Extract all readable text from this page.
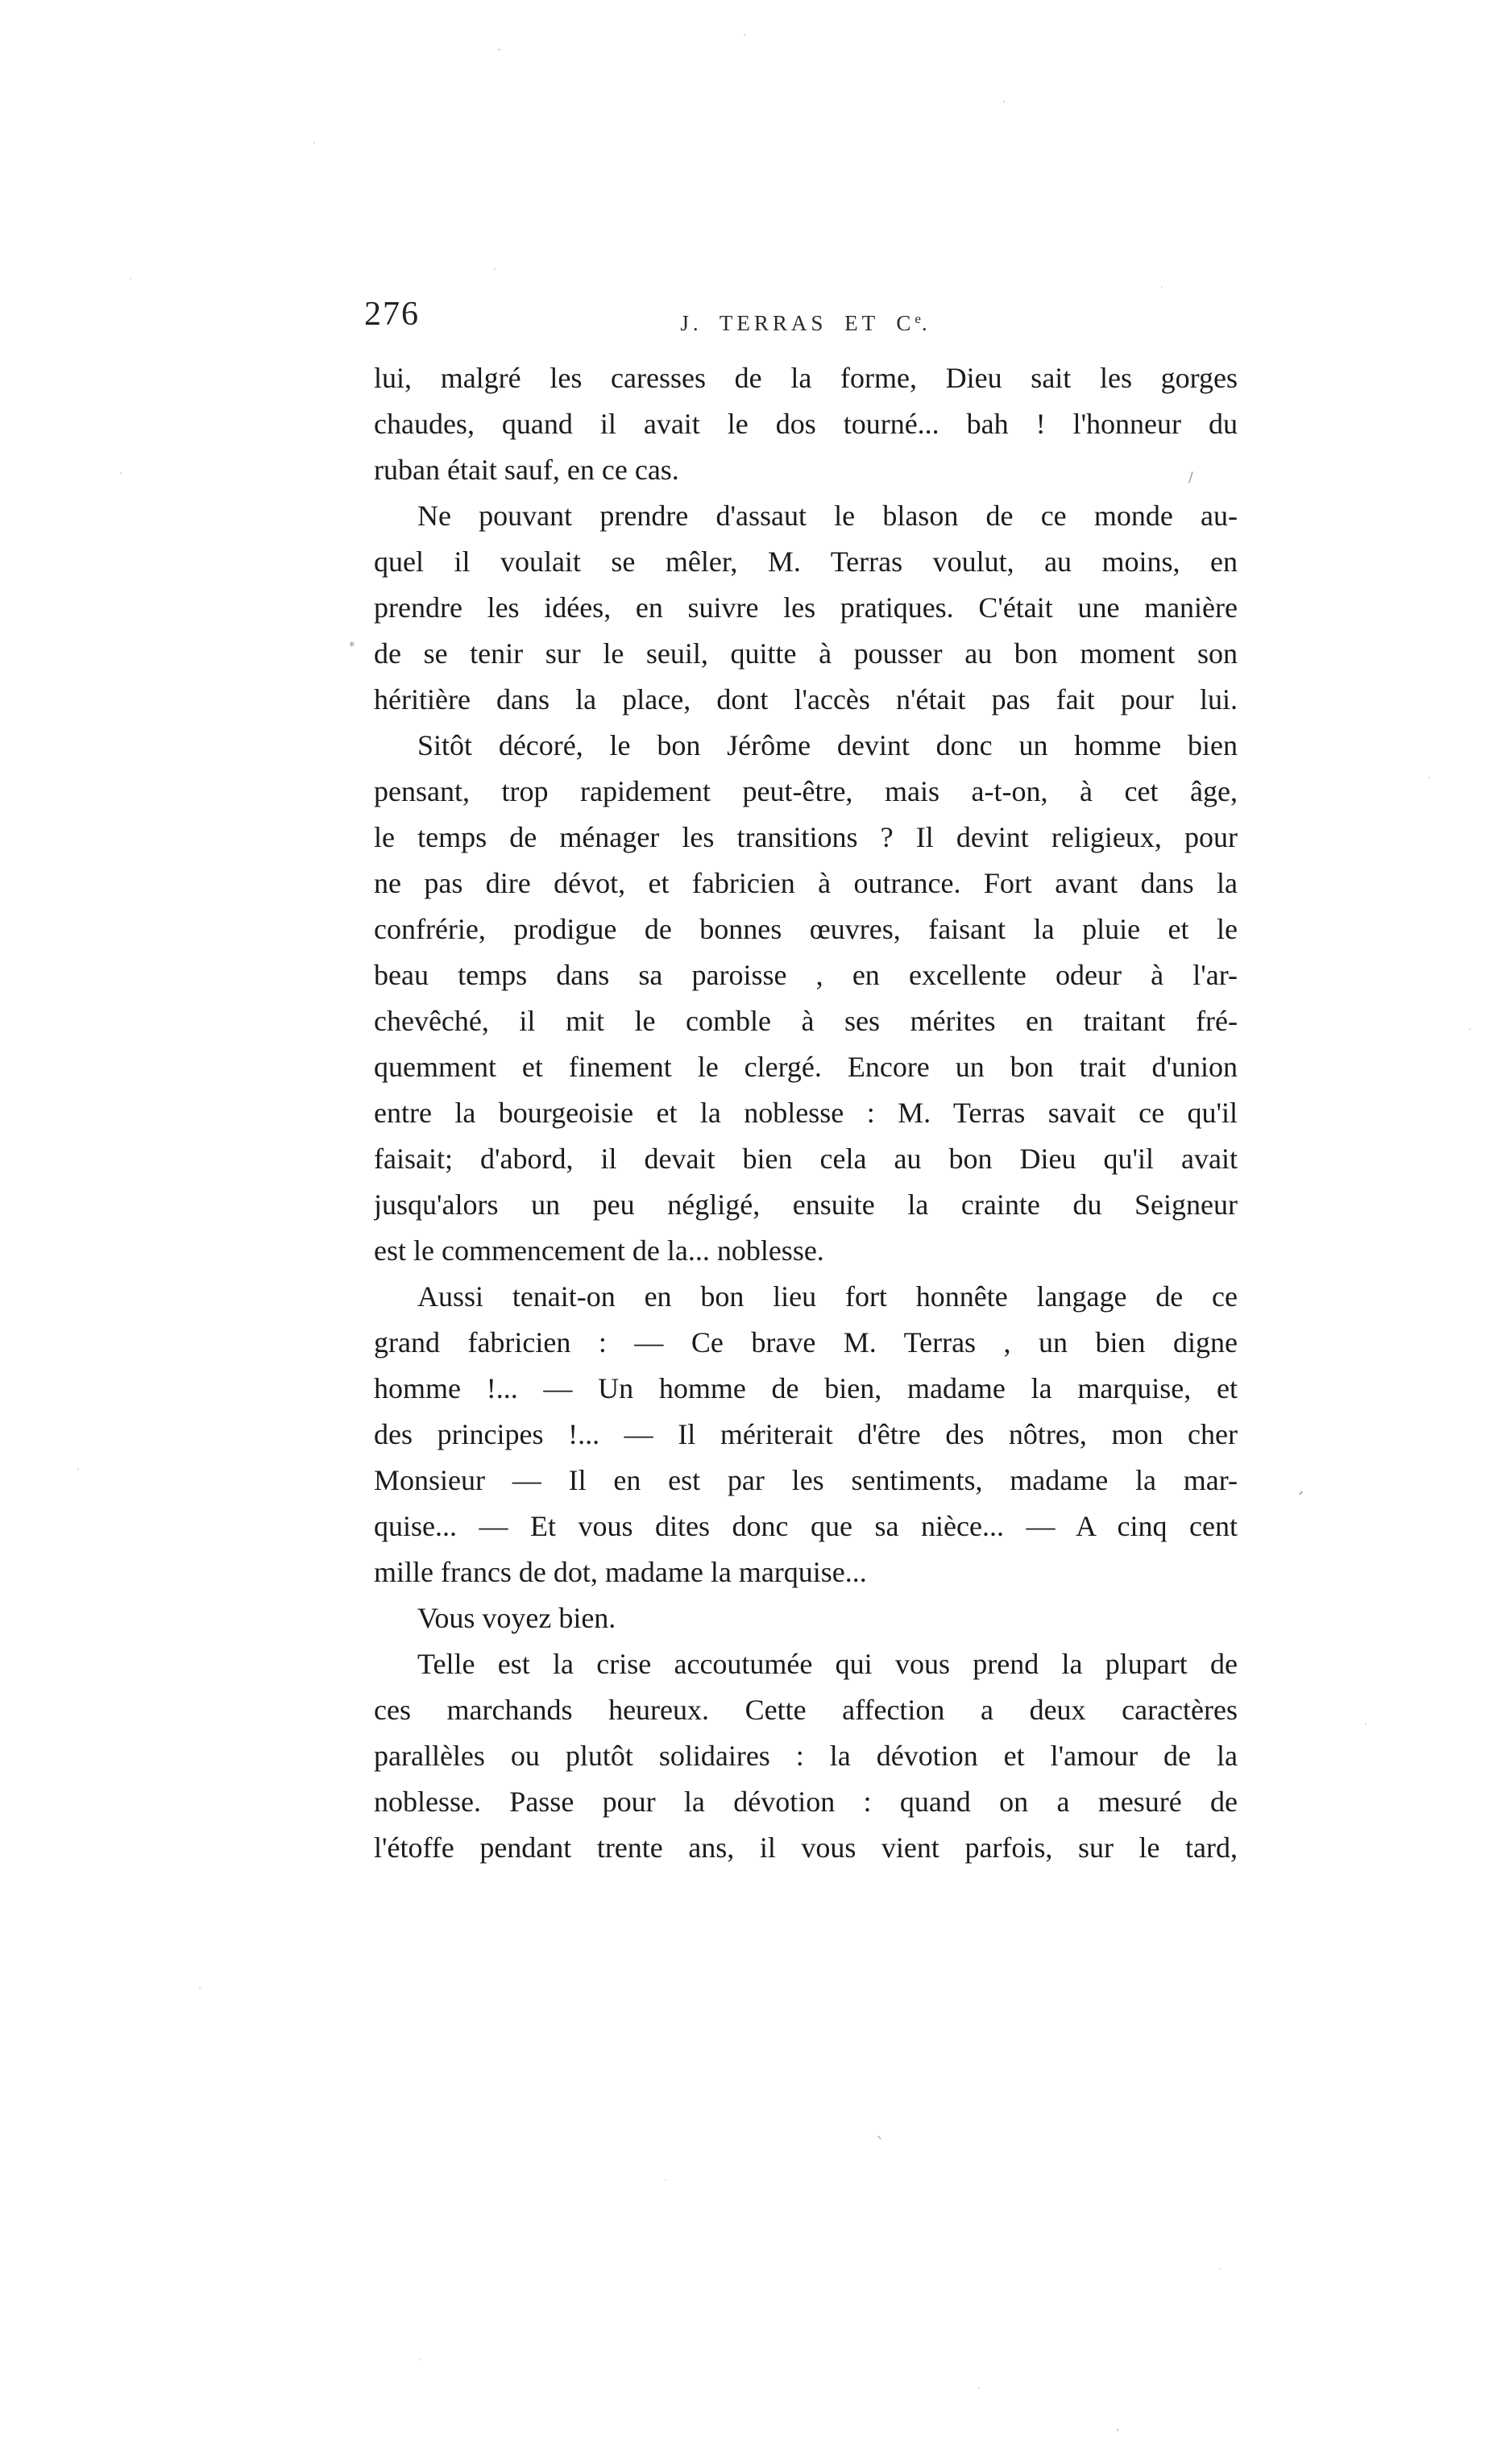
276	J. TERRAS ET Ce.
lui, malgré les caresses de la forme, Dieu sait les gorges
chaudes, quand il avait le dos tourné... bah ! l'honneur du
ruban était sauf, en ce cas.
Ne pouvant prendre d'assaut le blason de ce monde au-
quel il voulait se mêler, M. Terras voulut, au moins, en
prendre les idées, en suivre les pratiques. C'était une manière
de se tenir sur le seuil, quitte à pousser au bon moment son
héritière dans la place, dont l'accès n'était pas fait pour lui.
Sitôt décoré, le bon Jérôme devint donc un homme bien
pensant, trop rapidement peut-être, mais a-t-on, à cet âge,
le temps de ménager les transitions ? Il devint religieux, pour
ne pas dire dévot, et fabricien à outrance. Fort avant dans la
confrérie, prodigue de bonnes œuvres, faisant la pluie et le
beau temps dans sa paroisse , en excellente odeur à l'ar-
chevêché, il mit le comble à ses mérites en traitant fré-
quemment et finement le clergé. Encore un bon trait d'union
entre la bourgeoisie et la noblesse : M. Terras savait ce qu'il
faisait; d'abord, il devait bien cela au bon Dieu qu'il avait
jusqu'alors un peu négligé, ensuite la crainte du Seigneur
est le commencement de la... noblesse.
Aussi tenait-on en bon lieu fort honnête langage de ce
grand fabricien : — Ce brave M. Terras , un bien digne
homme !... — Un homme de bien, madame la marquise, et
des principes !... — Il mériterait d'être des nôtres, mon cher
Monsieur — Il en est par les sentiments, madame la mar-
quise... — Et vous dites donc que sa nièce... — A cinq cent
mille francs de dot, madame la marquise...
Vous voyez bien.
Telle est la crise accoutumée qui vous prend la plupart de
ces marchands heureux. Cette affection a deux caractères
parallèles ou plutôt solidaires : la dévotion et l'amour de la
noblesse. Passe pour la dévotion : quand on a mesuré de
l'étoffe pendant trente ans, il vous vient parfois, sur le tard,
*
/
´
`
·
·
·
·
·
·
·
·
·
·
·
·
·
·
·
·
·
,
